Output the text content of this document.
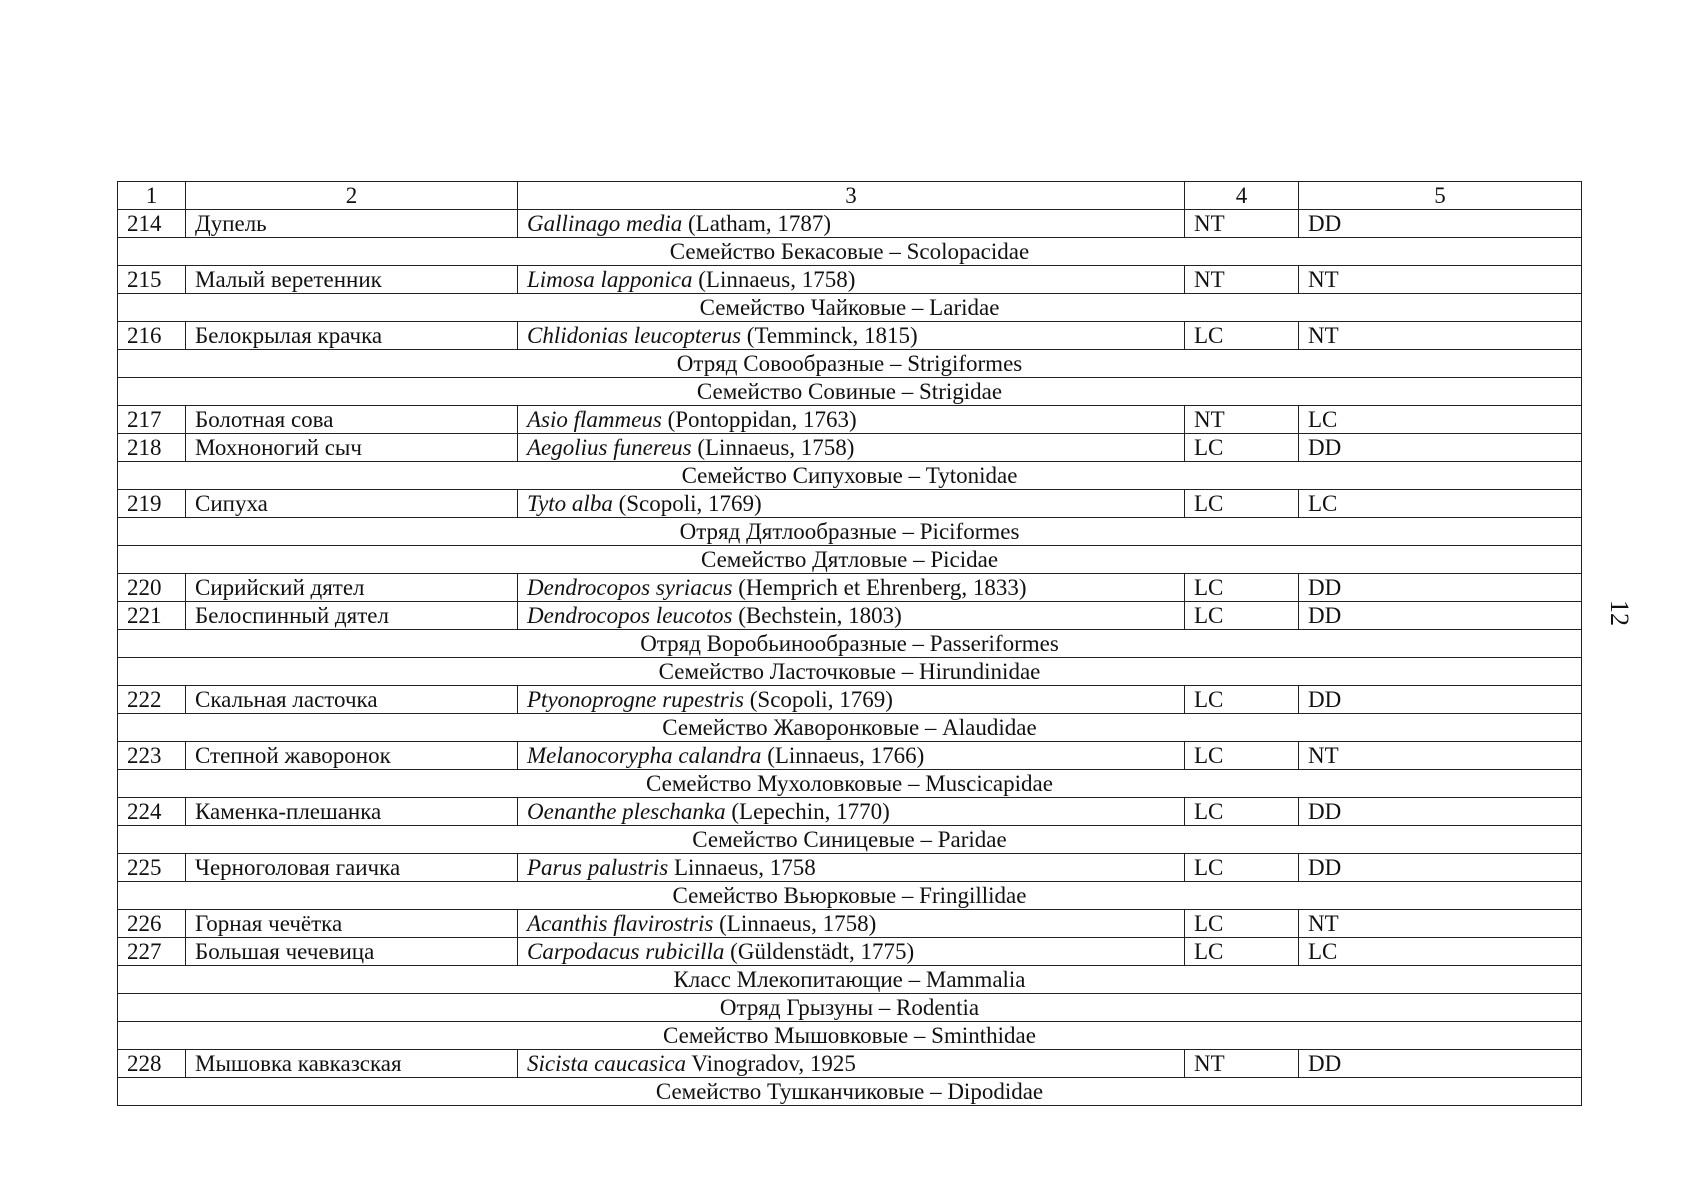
1	2	3	4	5
214	Дупель	Gallinago media (Latham, 1787)	NT	DD
Семейство Бекасовые – Scolopacidae				
215	Малый веретенник	Limosa lapponica (Linnaeus, 1758)	NT	NT
Семейство Чайковые – Laridae				
216	Белокрылая крачка	Chlidonias leucopterus (Temminck, 1815)	LC	NT
Отряд Совообразные – Strigiformes				
Семейство Совиные – Strigidae				
217	Болотная сова	Asio flammeus (Pontoppidan, 1763)	NT	LC
218	Мохноногий сыч	Aegolius funereus (Linnaeus, 1758)	LC	DD
Семейство Сипуховые – Tytonidae				
219	Сипуха	Tyto alba (Scopoli, 1769)	LC	LC
Отряд Дятлообразные – Piciformes				
Семейство Дятловые – Picidae				
220	Сирийский дятел	Dendrocopos syriacus (Hemprich et Ehrenberg, 1833)	LC	DD
221	Белоспинный дятел	Dendrocopos leucotos (Bechstein, 1803)	LC	DD
Отряд Воробьинообразные – Passeriformes				
Семейство Ласточковые – Hirundinidae				
222	Скальная ласточка	Ptyonoprogne rupestris (Scopoli, 1769)	LC	DD
Семейство Жаворонковые – Alaudidae				
223	Степной жаворонок	Melanocorypha calandra (Linnaeus, 1766)	LC	NT
Семейство Мухоловковые – Muscicapidae				
224	Каменка-плешанка	Oenanthe pleschanka (Lepechin, 1770)	LC	DD
Семейство Синицевые – Paridae				
225	Черноголовая гаичка	Parus palustris Linnaeus, 1758	LC	DD
Семейство Вьюрковые – Fringillidae				
226	Горная чечётка	Acanthis flavirostris (Linnaeus, 1758)	LC	NT
227	Большая чечевица	Carpodacus rubicilla (Güldenstädt, 1775)	LC	LC
Класс Млекопитающие – Mammalia				
Отряд Грызуны – Rodentia				
Семейство Мышовковые – Sminthidae				
228	Мышовка кавказская	Sicista caucasica Vinogradov, 1925	NT	DD
Семейство Тушканчиковые – Dipodidae				
12
